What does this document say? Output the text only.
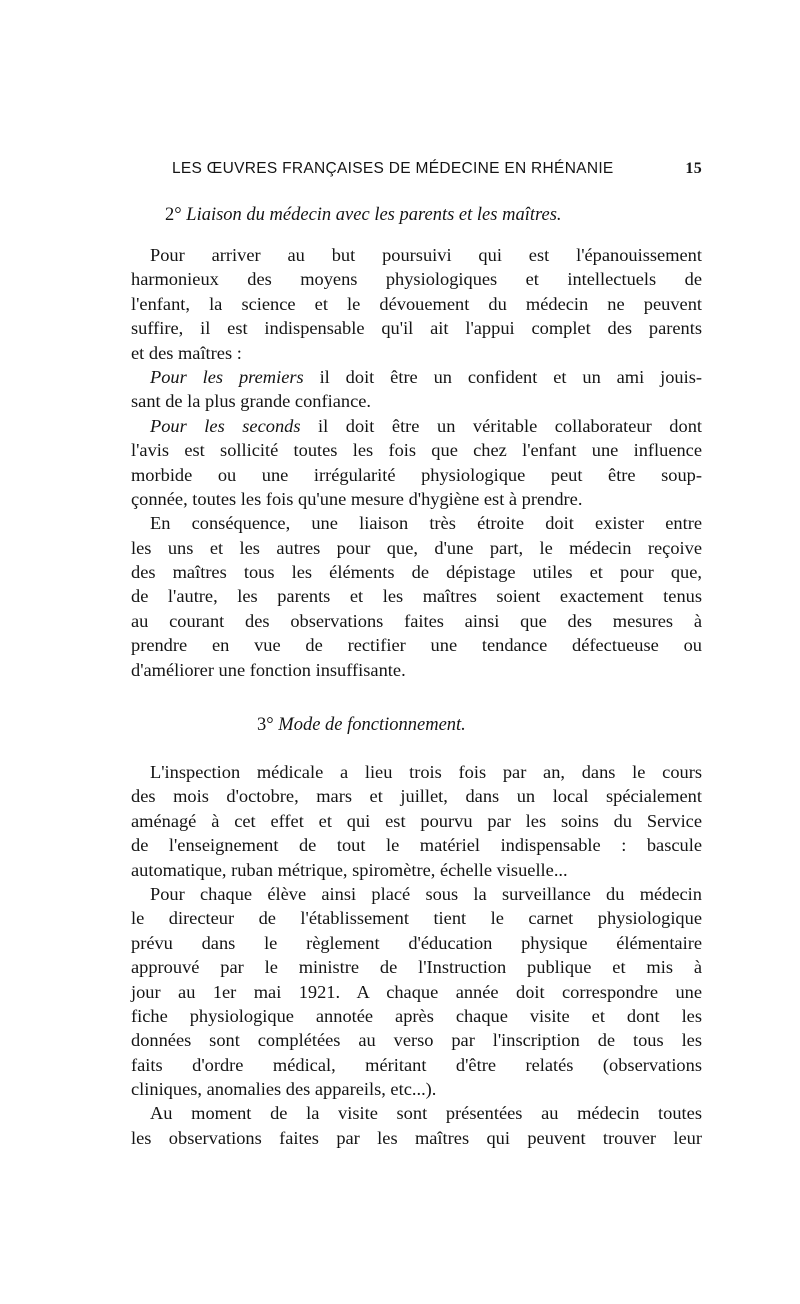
LES ŒUVRES FRANÇAISES DE MÉDECINE EN RHÉNANIE	15
2° Liaison du médecin avec les parents et les maîtres.
Pour arriver au but poursuivi qui est l'épanouissement
harmonieux des moyens physiologiques et intellectuels de
l'enfant, la science et le dévouement du médecin ne peuvent
suffire, il est indispensable qu'il ait l'appui complet des parents
et des maîtres :
Pour les premiers il doit être un confident et un ami jouis-
sant de la plus grande confiance.
Pour les seconds il doit être un véritable collaborateur dont
l'avis est sollicité toutes les fois que chez l'enfant une influence
morbide ou une irrégularité physiologique peut être soup-
çonnée, toutes les fois qu'une mesure d'hygiène est à prendre.
En conséquence, une liaison très étroite doit exister entre
les uns et les autres pour que, d'une part, le médecin reçoive
des maîtres tous les éléments de dépistage utiles et pour que,
de l'autre, les parents et les maîtres soient exactement tenus
au courant des observations faites ainsi que des mesures à
prendre en vue de rectifier une tendance défectueuse ou
d'améliorer une fonction insuffisante.
3° Mode de fonctionnement.
L'inspection médicale a lieu trois fois par an, dans le cours
des mois d'octobre, mars et juillet, dans un local spécialement
aménagé à cet effet et qui est pourvu par les soins du Service
de l'enseignement de tout le matériel indispensable : bascule
automatique, ruban métrique, spiromètre, échelle visuelle...
Pour chaque élève ainsi placé sous la surveillance du médecin
le directeur de l'établissement tient le carnet physiologique
prévu dans le règlement d'éducation physique élémentaire
approuvé par le ministre de l'Instruction publique et mis à
jour au 1er mai 1921. A chaque année doit correspondre une
fiche physiologique annotée après chaque visite et dont les
données sont complétées au verso par l'inscription de tous les
faits d'ordre médical, méritant d'être relatés (observations
cliniques, anomalies des appareils, etc...).
Au moment de la visite sont présentées au médecin toutes
les observations faites par les maîtres qui peuvent trouver leur
